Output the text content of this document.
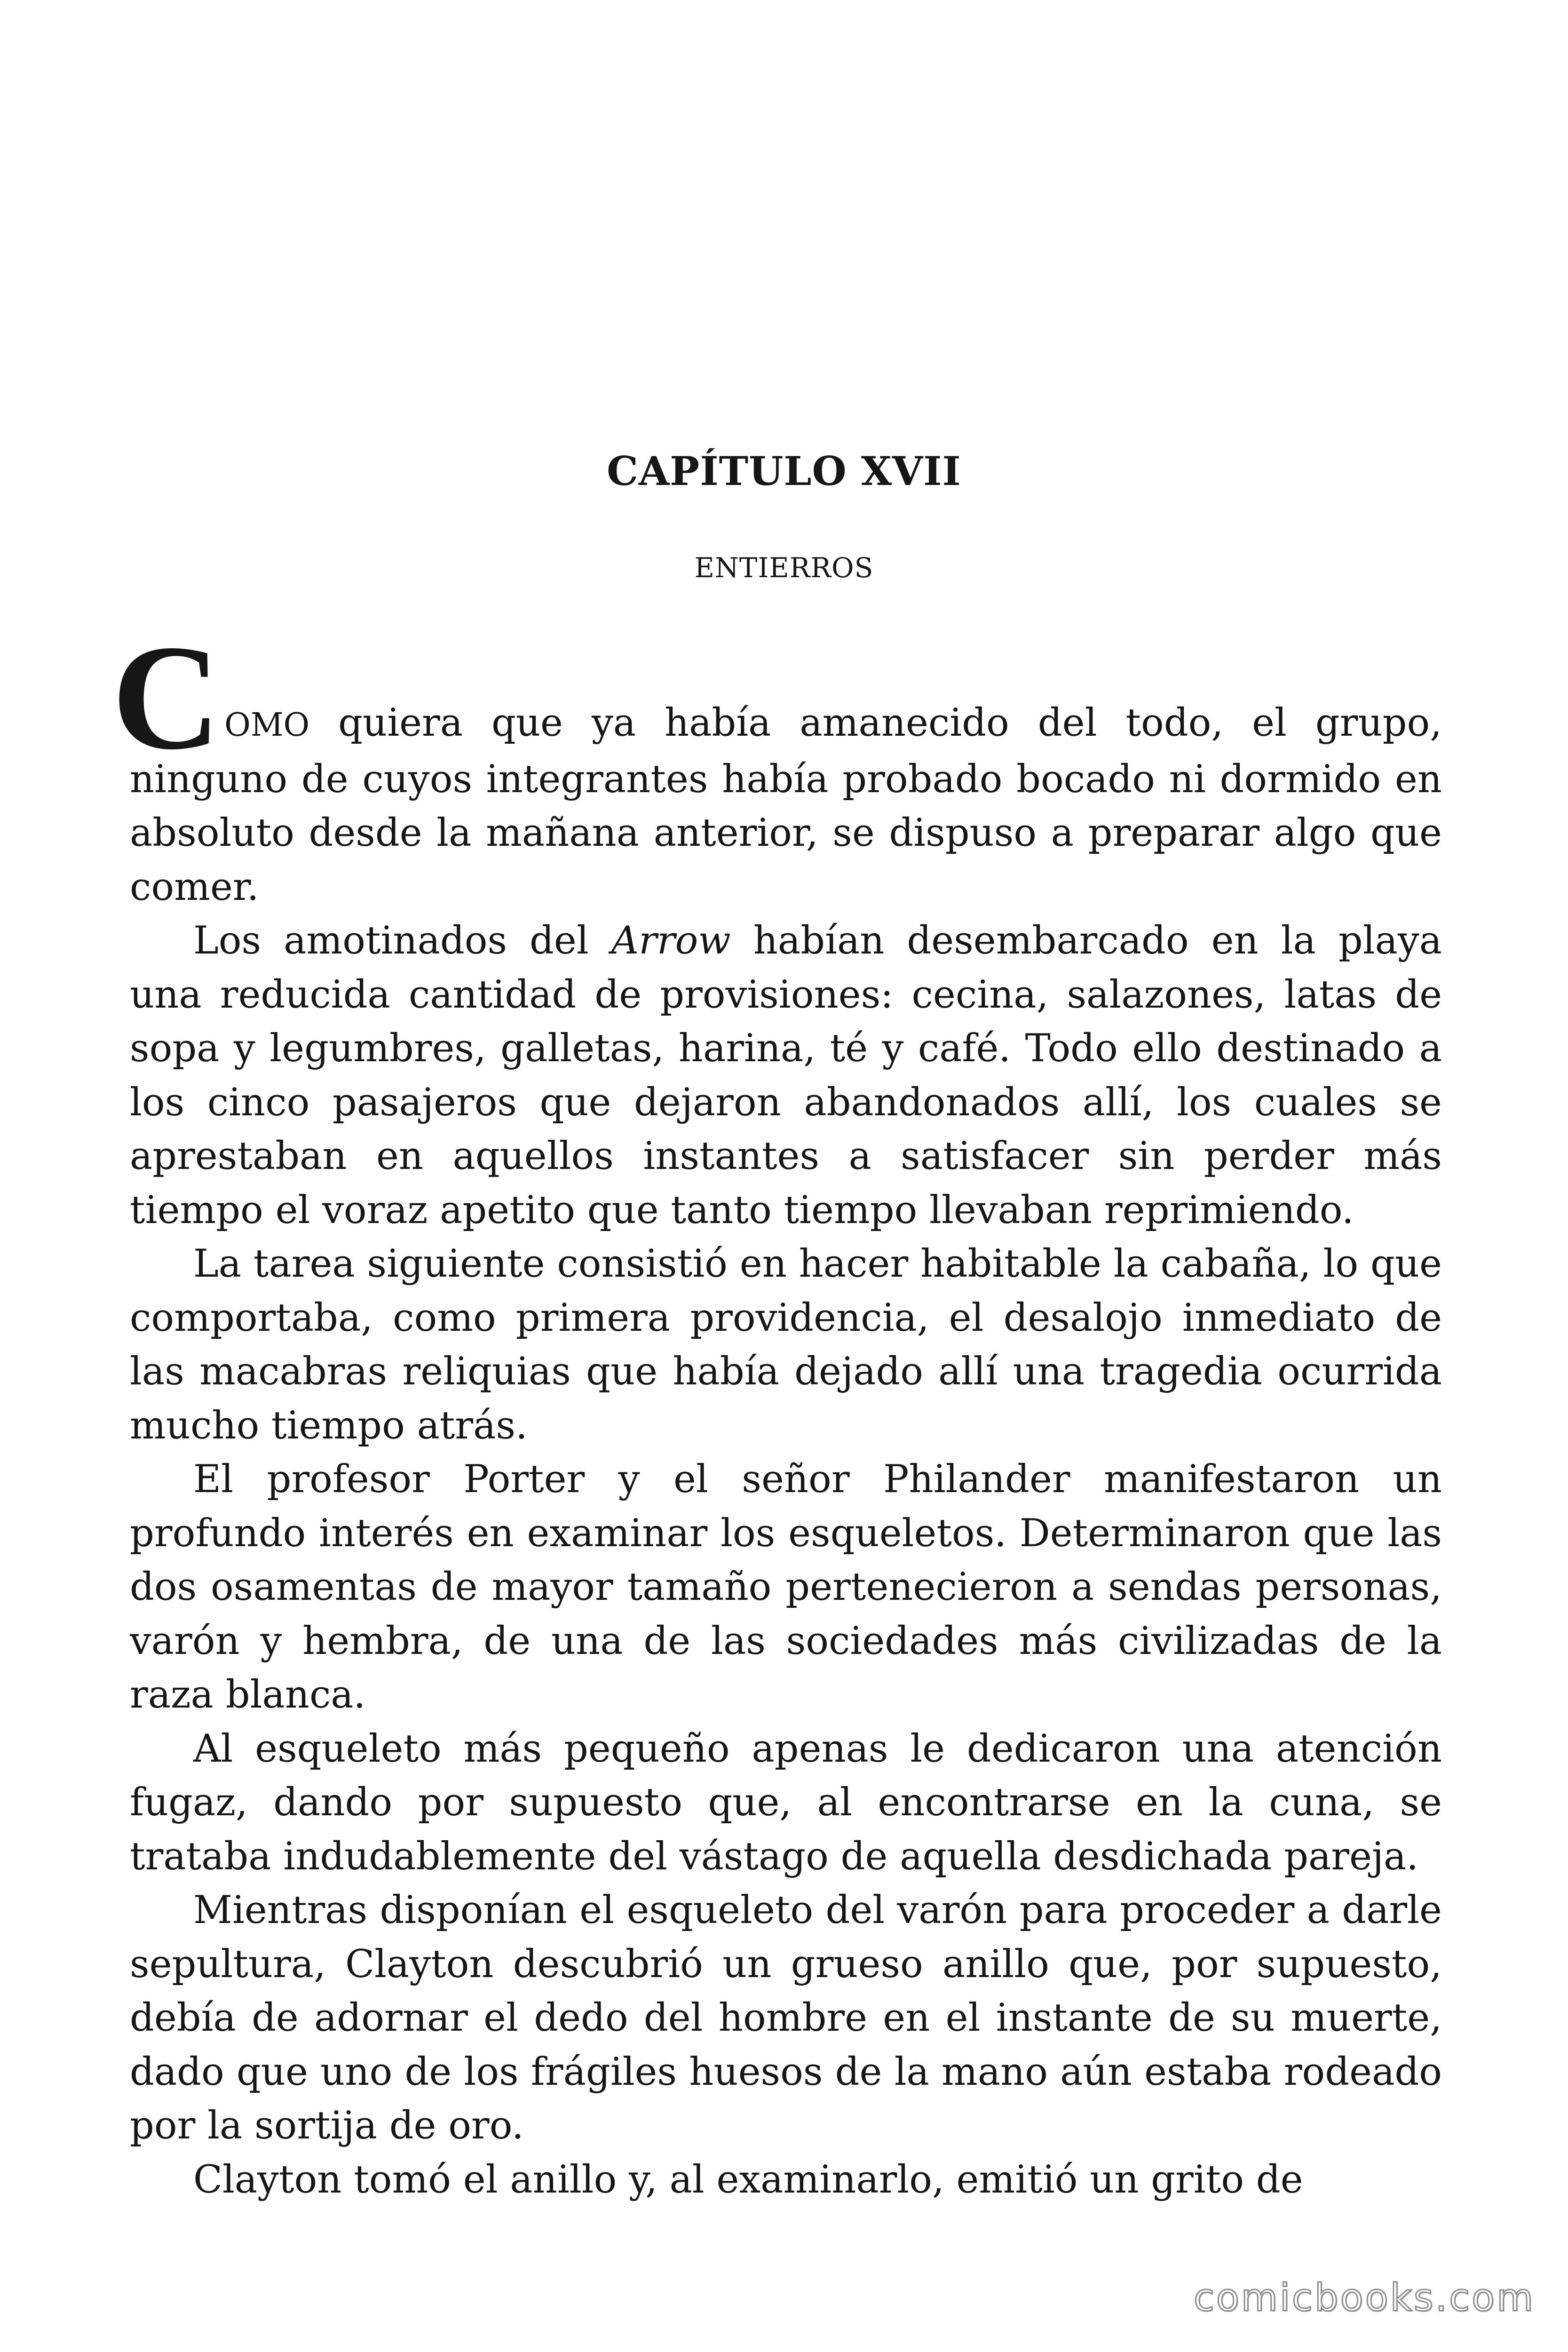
CAPÍTULO XVII
ENTIERROS

COMO quiera que ya había amanecido del todo, el grupo, ninguno de cuyos integrantes había probado bocado ni dormido en absoluto desde la mañana anterior, se dispuso a preparar algo que comer.

Los amotinados del Arrow habían desembarcado en la playa una reducida cantidad de provisiones: cecina, salazones, latas de sopa y legumbres, galletas, harina, té y café. Todo ello destinado a los cinco pasajeros que dejaron abandonados allí, los cuales se aprestaban en aquellos instantes a satisfacer sin perder más tiempo el voraz apetito que tanto tiempo llevaban reprimiendo.

La tarea siguiente consistió en hacer habitable la cabaña, lo que comportaba, como primera providencia, el desalojo inmediato de las macabras reliquias que había dejado allí una tragedia ocurrida mucho tiempo atrás.

El profesor Porter y el señor Philander manifestaron un profundo interés en examinar los esqueletos. Determinaron que las dos osamentas de mayor tamaño pertenecieron a sendas personas, varón y hembra, de una de las sociedades más civilizadas de la raza blanca.

Al esqueleto más pequeño apenas le dedicaron una atención fugaz, dando por supuesto que, al encontrarse en la cuna, se trataba indudablemente del vástago de aquella desdichada pareja.

Mientras disponían el esqueleto del varón para proceder a darle sepultura, Clayton descubrió un grueso anillo que, por supuesto, debía de adornar el dedo del hombre en el instante de su muerte, dado que uno de los frágiles huesos de la mano aún estaba rodeado por la sortija de oro.

Clayton tomó el anillo y, al examinarlo, emitió un grito de

comicbooks.com
